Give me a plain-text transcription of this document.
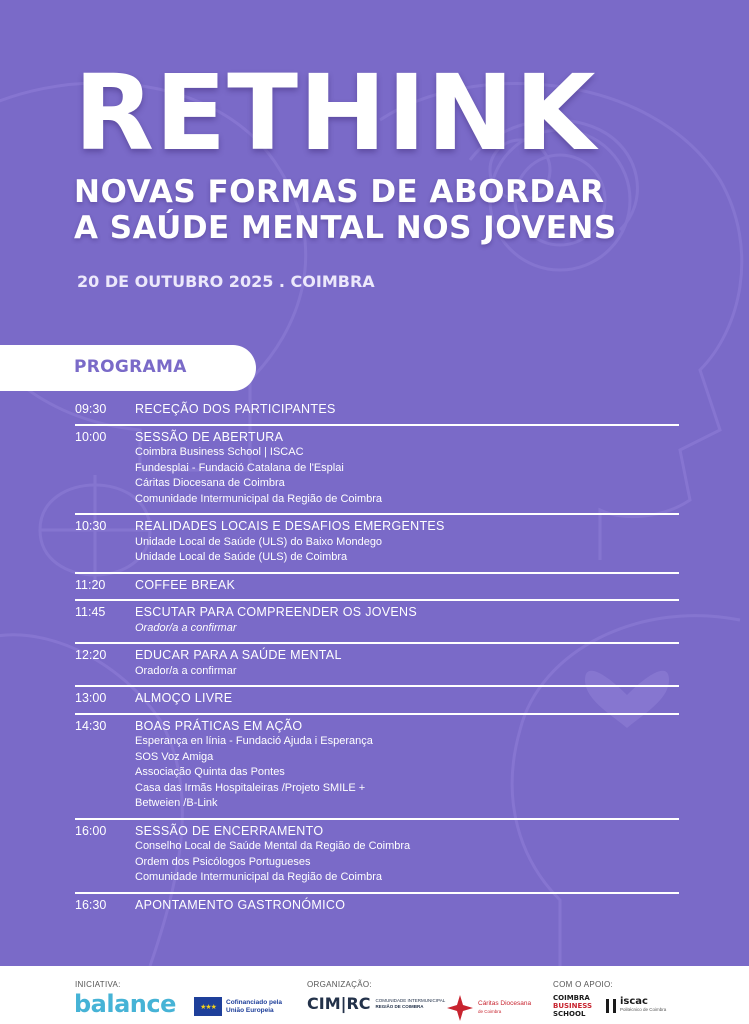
RETHINK
NOVAS FORMAS DE ABORDAR
A SAÚDE MENTAL NOS JOVENS
20 DE OUTUBRO 2025 . COIMBRA
PROGRAMA
09:30	RECEÇÃO DOS PARTICIPANTES
10:00	SESSÃO DE ABERTURA
Coimbra Business School | ISCAC
Fundesplai - Fundació Catalana de l'Esplai
Cáritas Diocesana de Coimbra
Comunidade Intermunicipal da Região de Coimbra
10:30	REALIDADES LOCAIS E DESAFIOS EMERGENTES
Unidade Local de Saúde (ULS) do Baixo Mondego
Unidade Local de Saúde (ULS) de Coimbra
11:20	COFFEE BREAK
11:45	ESCUTAR PARA COMPREENDER OS JOVENS
Orador/a a confirmar
12:20	EDUCAR PARA A SAÚDE MENTAL
Orador/a a confirmar
13:00	ALMOÇO LIVRE
14:30	BOAS PRÁTICAS EM AÇÃO
Esperança en línia - Fundació Ajuda i Esperança
SOS Voz Amiga
Associação Quinta das Pontes
Casa das Irmãs Hospitaleiras /Projeto SMILE +
Betweien /B-Link
16:00	SESSÃO DE ENCERRAMENTO
Conselho Local de Saúde Mental da Região de Coimbra
Ordem dos Psicólogos Portugueses
Comunidade Intermunicipal da Região de Coimbra
16:30	APONTAMENTO GASTRONÓMICO
INICIATIVA:	ORGANIZAÇÃO:	COM O APOIO:
balance	★★★
Cofinanciado pela
União Europeia	CIM|RC COMUNIDADE INTERMUNICIPAL
REGIÃO DE COIMBRA	Cáritas Diocesana
de Coimbra
COIMBRA
BUSINESS
SCHOOL
iscac
Politécnico de Coimbra
